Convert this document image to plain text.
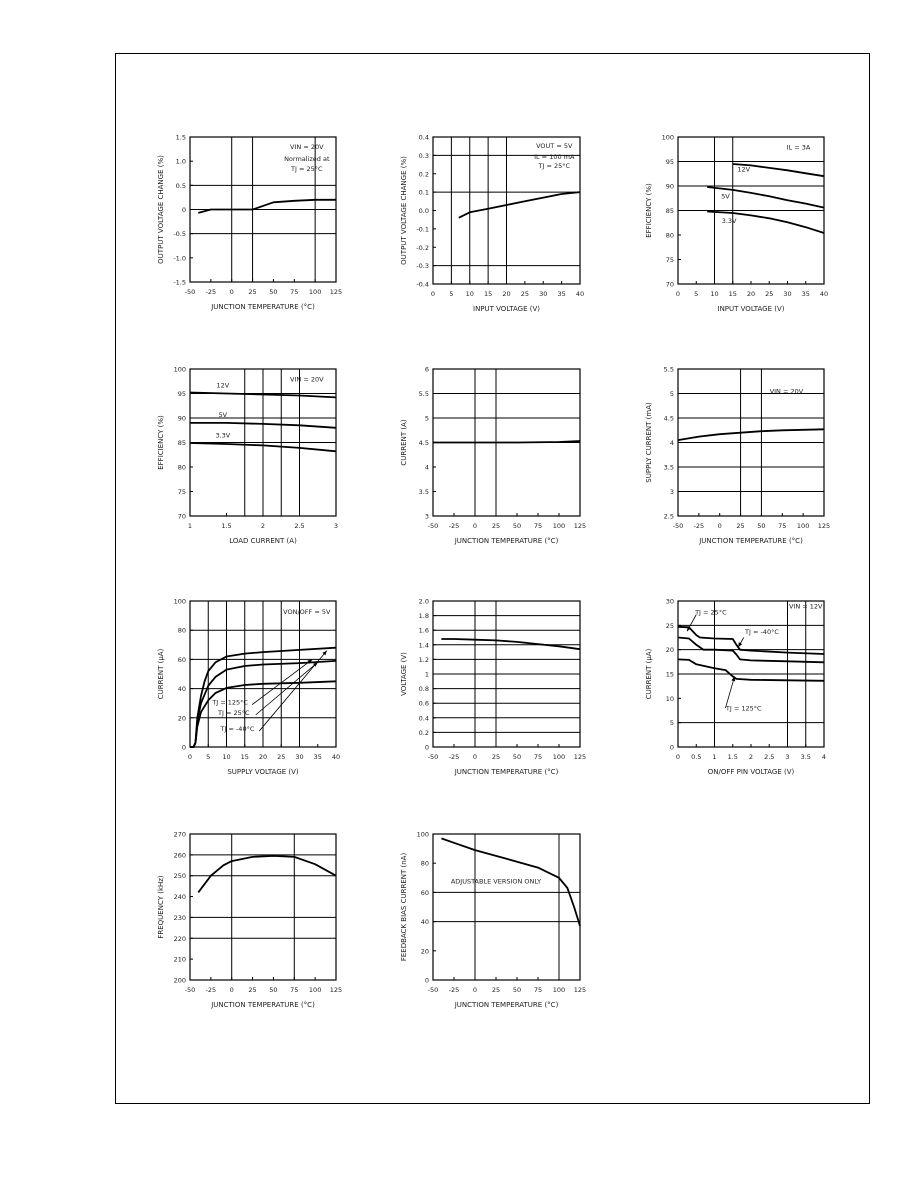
-50 -25 0 25 50 75 100 125
-1.5
-1.0
-0.5
0
0.5
1.0
1.5
JUNCTION TEMPERATURE (°C)
OUTPUT VOLTAGE CHANGE (%)
VIN = 20V
Normalized at
TJ = 25°C
0 5 10 15 20 25 30 35 40
-0.4
-0.3
-0.2
-0.1
0.0
0.1
0.2
0.3
0.4
INPUT VOLTAGE (V)
OUTPUT VOLTAGE CHANGE (%)
VOUT = 5V
IL = 100 mA
TJ = 25°C
0 5 10 15 20 25 30 35 40
70
75
80
85
90
95
100
INPUT VOLTAGE (V)
EFFICIENCY (%)
IL = 3A
12V
5V
3.3V
1	1.5	2	2.5	3
70
75
80
85
90
95
100
LOAD CURRENT (A)
EFFICIENCY (%)
VIN = 20V
12V
5V
3.3V
-50 -25 0 25 50 75 100 125
3
3.5
4
4.5
5
5.5
6
JUNCTION TEMPERATURE (°C)
CURRENT (A)
-50 -25 0 25 50 75 100 125
2.5
3
3.5
4
4.5
5
5.5
JUNCTION TEMPERATURE (°C)
SUPPLY CURRENT (mA)
VIN = 20V
0 5 10 15 20 25 30 35 40
0
20
40
60
80
100
SUPPLY VOLTAGE (V)
CURRENT (µA)
VON/OFF = 5V
TJ = 125°C
TJ = 25°C
TJ = -40°C
-50 -25 0 25 50 75 100 125
0
0.2
0.4
0.6
0.8
1
1.2
1.4
1.6
1.8
2.0
JUNCTION TEMPERATURE (°C)
VOLTAGE (V)
0 0.5 1 1.5 2 2.5 3 3.5 4
0
5
10
15
20
25
30
ON/OFF PIN VOLTAGE (V)
CURRENT (µA)
VIN = 12V
TJ = 25°C
TJ = -40°C
TJ = 125°C
-50 -25 0 25 50 75 100 125
200
210
220
230
240
250
260
270
JUNCTION TEMPERATURE (°C)
FREQUENCY (kHz)
-50 -25 0 25 50 75 100 125
0
20
40
60
80
100
JUNCTION TEMPERATURE (°C)
FEEDBACK BIAS CURRENT (nA)	ADJUSTABLE VERSION ONLY
